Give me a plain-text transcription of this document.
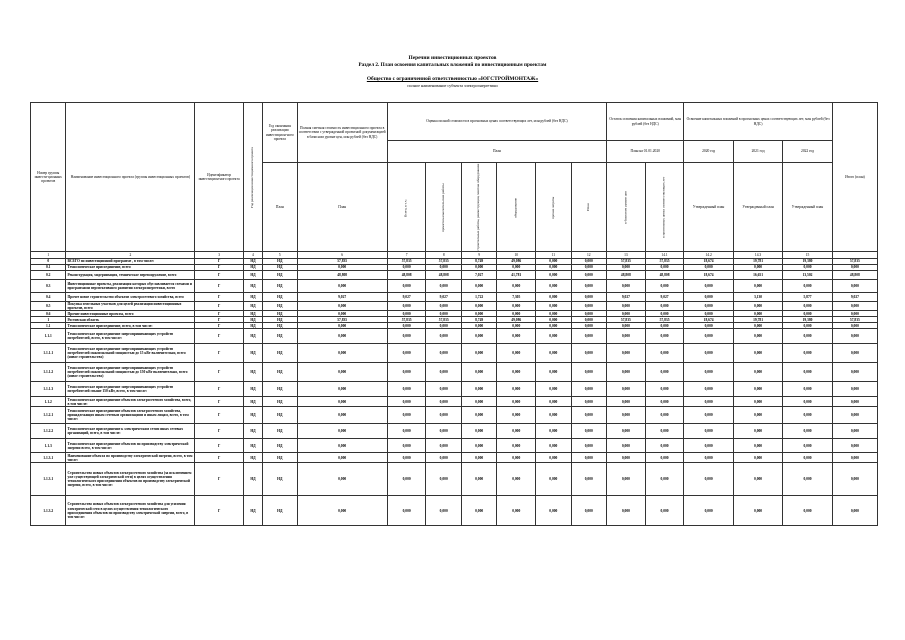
Перечни инвестиционных проектов
Раздел 2. План освоения капитальных вложений по инвестиционным проектам
Общество с ограниченной ответственностью «ЮГСТРОЙМОНТАЖ»
полное наименование субъекта электроэнергетики
Номер группы инвести-ционных проектов	Наименование инвестиционного проекта (группы инвестиционных проектов)	Идентификатор инвестицион-ного проекта	Год реализации инвестиционного проекта	Год окончания реализации инвестицион-ного проекта	Полная сметная стоимость инвестиционного проекта в соответствии с утвержденной проектной документацией в базисном уровне цен, млн рублей (без НДС)	Оценка полной стоимости в прогнозных ценах соответствующих лет, млн рублей (без НДС)						Остаток освоения капитальных вложений, млн рублей (без НДС)		Освоение капитальных вложений в прогнозных ценах соответствующих лет, млн рублей (без НДС)			Итого (план)
						План						План на 01.01.2020		2020 год	2021 год	2022 год	
				План	План	Всего, в т.ч.:	проектно-изыскательские работы	строительные работы, реконструкция, монтаж оборудования	оборудование	прочие затраты	План	в базисном уровне цен	в прогнозных ценах соответствующих лет	Утвержденный план	Утвержденный план	Утвержденный план	
1	2	3	4	5	6	7	8	9	10	11	12	13	14.1	14.2	14.3	15	
0	ВСЕГО по инвестиционной программе , в том числе:	Г	НД	НД	57,835	57,835	57,835	8,749	49,086	0,000	0,000	57,835	57,835	18,674	19,781	19,380	57,835
0.1	Технологическое присоединение, всего	Г	НД	НД	0,000	0,000	0,000	0,000	0,000	0,000	0,000	0,000	0,000	0,000	0,000	0,000	0,000
0.2	Реконструкция, модернизация, техническое перевооружение, всего	Г	НД	НД	48,808	48,808	48,808	7,027	41,781	0,000	0,000	48,808	48,808	18,674	16,651	13,502	48,808
0.3	Инвестиционные проекты, реализация которых обуславливается схемами и программами перспективного развития электроэнергетики, всего	Г	НД	НД	0,000	0,000	0,000	0,000	0,000	0,000	0,000	0,000	0,000	0,000	0,000	0,000	0,000
0.4	Прочее новое строительство объектов электросетевого хозяйства, всего	Г	НД	НД	9,027	9,027	9,027	1,722	7,305	0,000	0,000	9,027	9,027	0,000	3,130	5,877	9,027
0.5	Покупка земельных участков для целей реализации инвестиционных проектов, всего	Г	НД	НД	0,000	0,000	0,000	0,000	0,000	0,000	0,000	0,000	0,000	0,000	0,000	0,000	0,000
0.6	Прочие инвестиционные проекты, всего	Г	НД	НД	0,000	0,000	0,000	0,000	0,000	0,000	0,000	0,000	0,000	0,000	0,000	0,000	0,000
1	Ростовская область	Г	НД	НД	57,835	57,835	57,835	8,749	49,086	0,000	0,000	57,835	57,835	18,674	19,781	19,380	57,835
1.1	Технологическое присоединение, всего, в том числе:	Г	НД	НД	0,000	0,000	0,000	0,000	0,000	0,000	0,000	0,000	0,000	0,000	0,000	0,000	0,000
1.1.1	Технологическое присоединение энергопринимающих устройств потребителей, всего, в том числе:	Г	НД	НД	0,000	0,000	0,000	0,000	0,000	0,000	0,000	0,000	0,000	0,000	0,000	0,000	0,000
1.1.1.1	Технологическое присоединение энергопринимающих устройств потребителей максимальной мощностью до 15 кВт включительно, всего (новое строительство)	Г	НД	НД	0,000	0,000	0,000	0,000	0,000	0,000	0,000	0,000	0,000	0,000	0,000	0,000	0,000
1.1.1.2	Технологическое присоединение энергопринимающих устройств потребителей максимальной мощностью до 150 кВт включительно, всего (новое строительство)	Г	НД	НД	0,000	0,000	0,000	0,000	0,000	0,000	0,000	0,000	0,000	0,000	0,000	0,000	0,000
1.1.1.3	Технологическое присоединение энергопринимающих устройств потребителей свыше 150 кВт, всего, в том числе:	Г	НД	НД	0,000	0,000	0,000	0,000	0,000	0,000	0,000	0,000	0,000	0,000	0,000	0,000	0,000
1.1.2	Технологическое присоединение объектов электросетевого хозяйства, всего, в том числе:	Г	НД	НД	0,000	0,000	0,000	0,000	0,000	0,000	0,000	0,000	0,000	0,000	0,000	0,000	0,000
1.1.2.1	Технологическое присоединение объектов электросетевого хозяйства, принадлежащих иным сетевым организациям и иным лицам, всего, в том числе:	Г	НД	НД	0,000	0,000	0,000	0,000	0,000	0,000	0,000	0,000	0,000	0,000	0,000	0,000	0,000
1.1.2.2	Технологическое присоединение к электрическим сетям иных сетевых организаций, всего, в том числе:	Г	НД	НД	0,000	0,000	0,000	0,000	0,000	0,000	0,000	0,000	0,000	0,000	0,000	0,000	0,000
1.1.3	Технологическое присоединение объектов по производству электрической энергии всего, в том числе:	Г	НД	НД	0,000	0,000	0,000	0,000	0,000	0,000	0,000	0,000	0,000	0,000	0,000	0,000	0,000
1.1.3.1	Наименование объекта по производству электрической энергии, всего, в том числе:	Г	НД	НД	0,000	0,000	0,000	0,000	0,000	0,000	0,000	0,000	0,000	0,000	0,000	0,000	0,000
1.1.3.1	Строительство новых объектов электросетевого хозяйства (за исключением уже существующей электрической сети) в целях осуществления технологического присоединения объектов по производству электрической энергии, всего, в том числе:	Г	НД	НД	0,000	0,000	0,000	0,000	0,000	0,000	0,000	0,000	0,000	0,000	0,000	0,000	0,000
1.1.3.2	Строительство новых объектов электросетевого хозяйства для усиления электрической сети в целях осуществления технологического присоединения объектов по производству электрической энергии, всего, в том числе:	Г	НД	НД	0,000	0,000	0,000	0,000	0,000	0,000	0,000	0,000	0,000	0,000	0,000	0,000	0,000
